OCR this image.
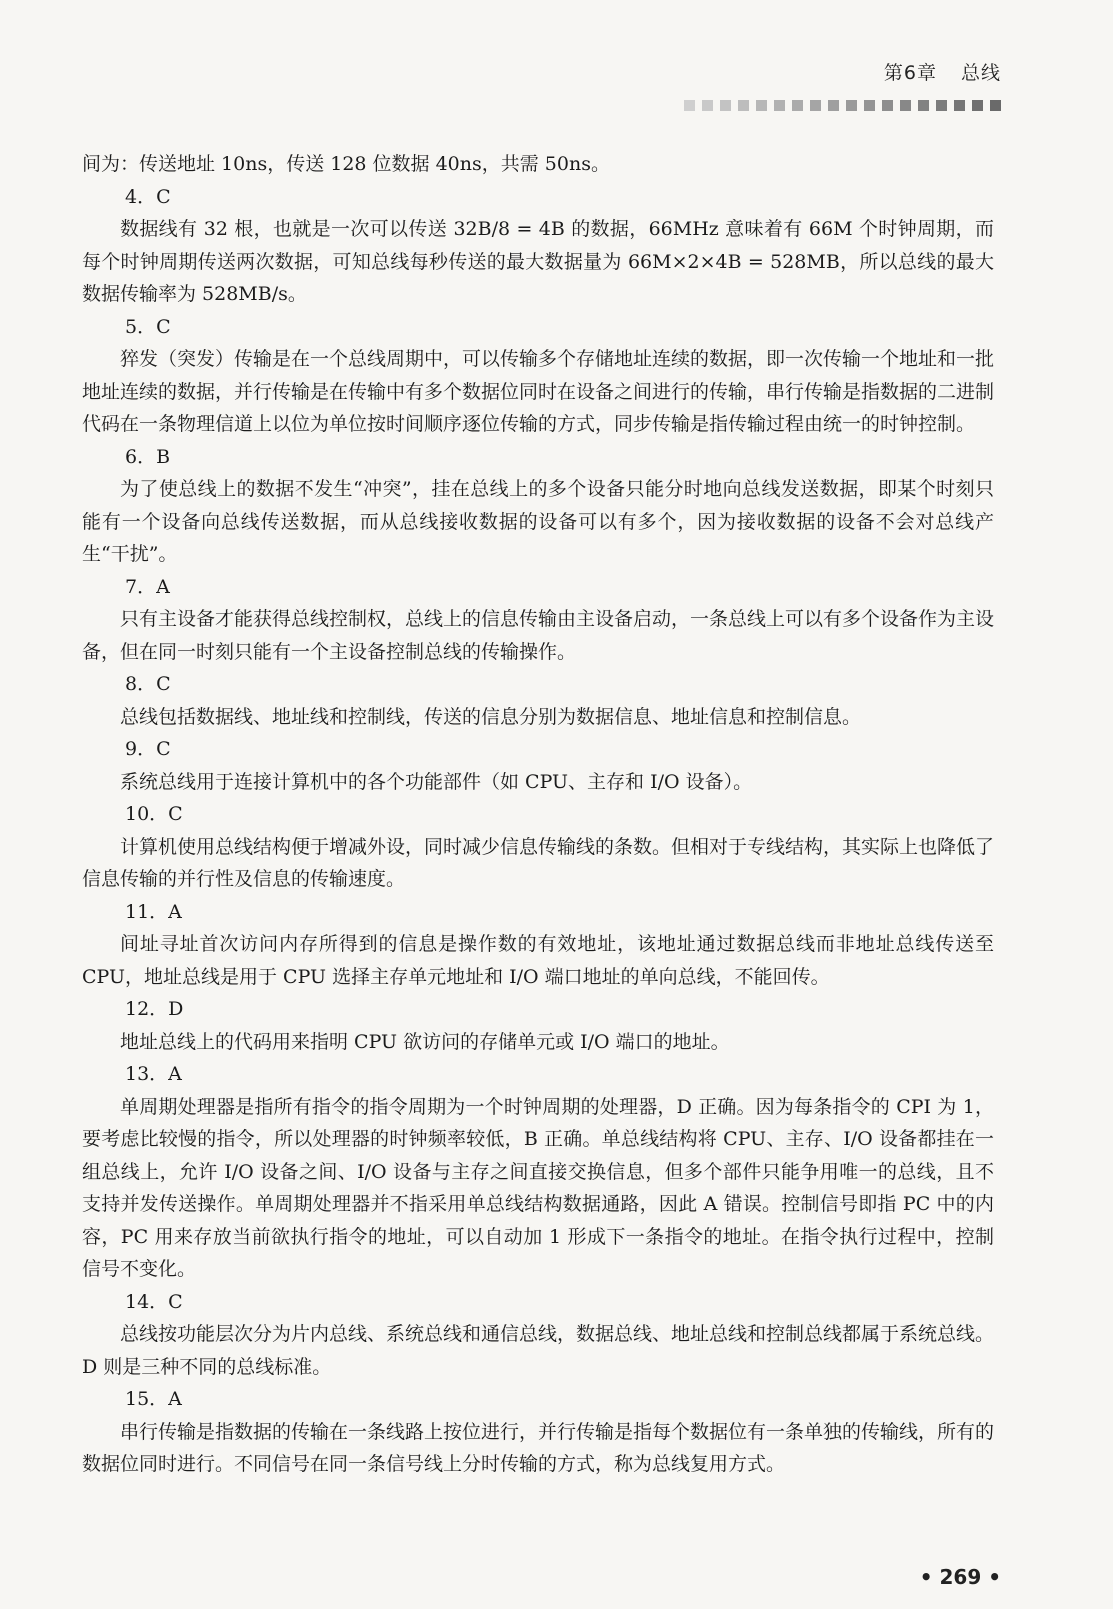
第6章 总线

间为：传送地址 10ns，传送 128 位数据 40ns，共需 50ns。

4．C

数据线有 32 根，也就是一次可以传送 32B/8 = 4B 的数据，66MHz 意味着有 66M 个时钟周期，而每个时钟周期传送两次数据，可知总线每秒传送的最大数据量为 66M×2×4B = 528MB，所以总线的最大数据传输率为 528MB/s。

5．C

猝发（突发）传输是在一个总线周期中，可以传输多个存储地址连续的数据，即一次传输一个地址和一批地址连续的数据，并行传输是在传输中有多个数据位同时在设备之间进行的传输，串行传输是指数据的二进制代码在一条物理信道上以位为单位按时间顺序逐位传输的方式，同步传输是指传输过程由统一的时钟控制。

6．B

为了使总线上的数据不发生“冲突”，挂在总线上的多个设备只能分时地向总线发送数据，即某个时刻只能有一个设备向总线传送数据，而从总线接收数据的设备可以有多个，因为接收数据的设备不会对总线产生“干扰”。

7．A

只有主设备才能获得总线控制权，总线上的信息传输由主设备启动，一条总线上可以有多个设备作为主设备，但在同一时刻只能有一个主设备控制总线的传输操作。

8．C

总线包括数据线、地址线和控制线，传送的信息分别为数据信息、地址信息和控制信息。

9．C

系统总线用于连接计算机中的各个功能部件（如 CPU、主存和 I/O 设备）。

10．C

计算机使用总线结构便于增减外设，同时减少信息传输线的条数。但相对于专线结构，其实际上也降低了信息传输的并行性及信息的传输速度。

11．A

间址寻址首次访问内存所得到的信息是操作数的有效地址，该地址通过数据总线而非地址总线传送至 CPU，地址总线是用于 CPU 选择主存单元地址和 I/O 端口地址的单向总线，不能回传。

12．D

地址总线上的代码用来指明 CPU 欲访问的存储单元或 I/O 端口的地址。

13．A

单周期处理器是指所有指令的指令周期为一个时钟周期的处理器，D 正确。因为每条指令的 CPI 为 1，要考虑比较慢的指令，所以处理器的时钟频率较低，B 正确。单总线结构将 CPU、主存、I/O 设备都挂在一组总线上，允许 I/O 设备之间、I/O 设备与主存之间直接交换信息，但多个部件只能争用唯一的总线，且不支持并发传送操作。单周期处理器并不指采用单总线结构数据通路，因此 A 错误。控制信号即指 PC 中的内容，PC 用来存放当前欲执行指令的地址，可以自动加 1 形成下一条指令的地址。在指令执行过程中，控制信号不变化。

14．C

总线按功能层次分为片内总线、系统总线和通信总线，数据总线、地址总线和控制总线都属于系统总线。D 则是三种不同的总线标准。

15．A

串行传输是指数据的传输在一条线路上按位进行，并行传输是指每个数据位有一条单独的传输线，所有的数据位同时进行。不同信号在同一条信号线上分时传输的方式，称为总线复用方式。

• 269 •
